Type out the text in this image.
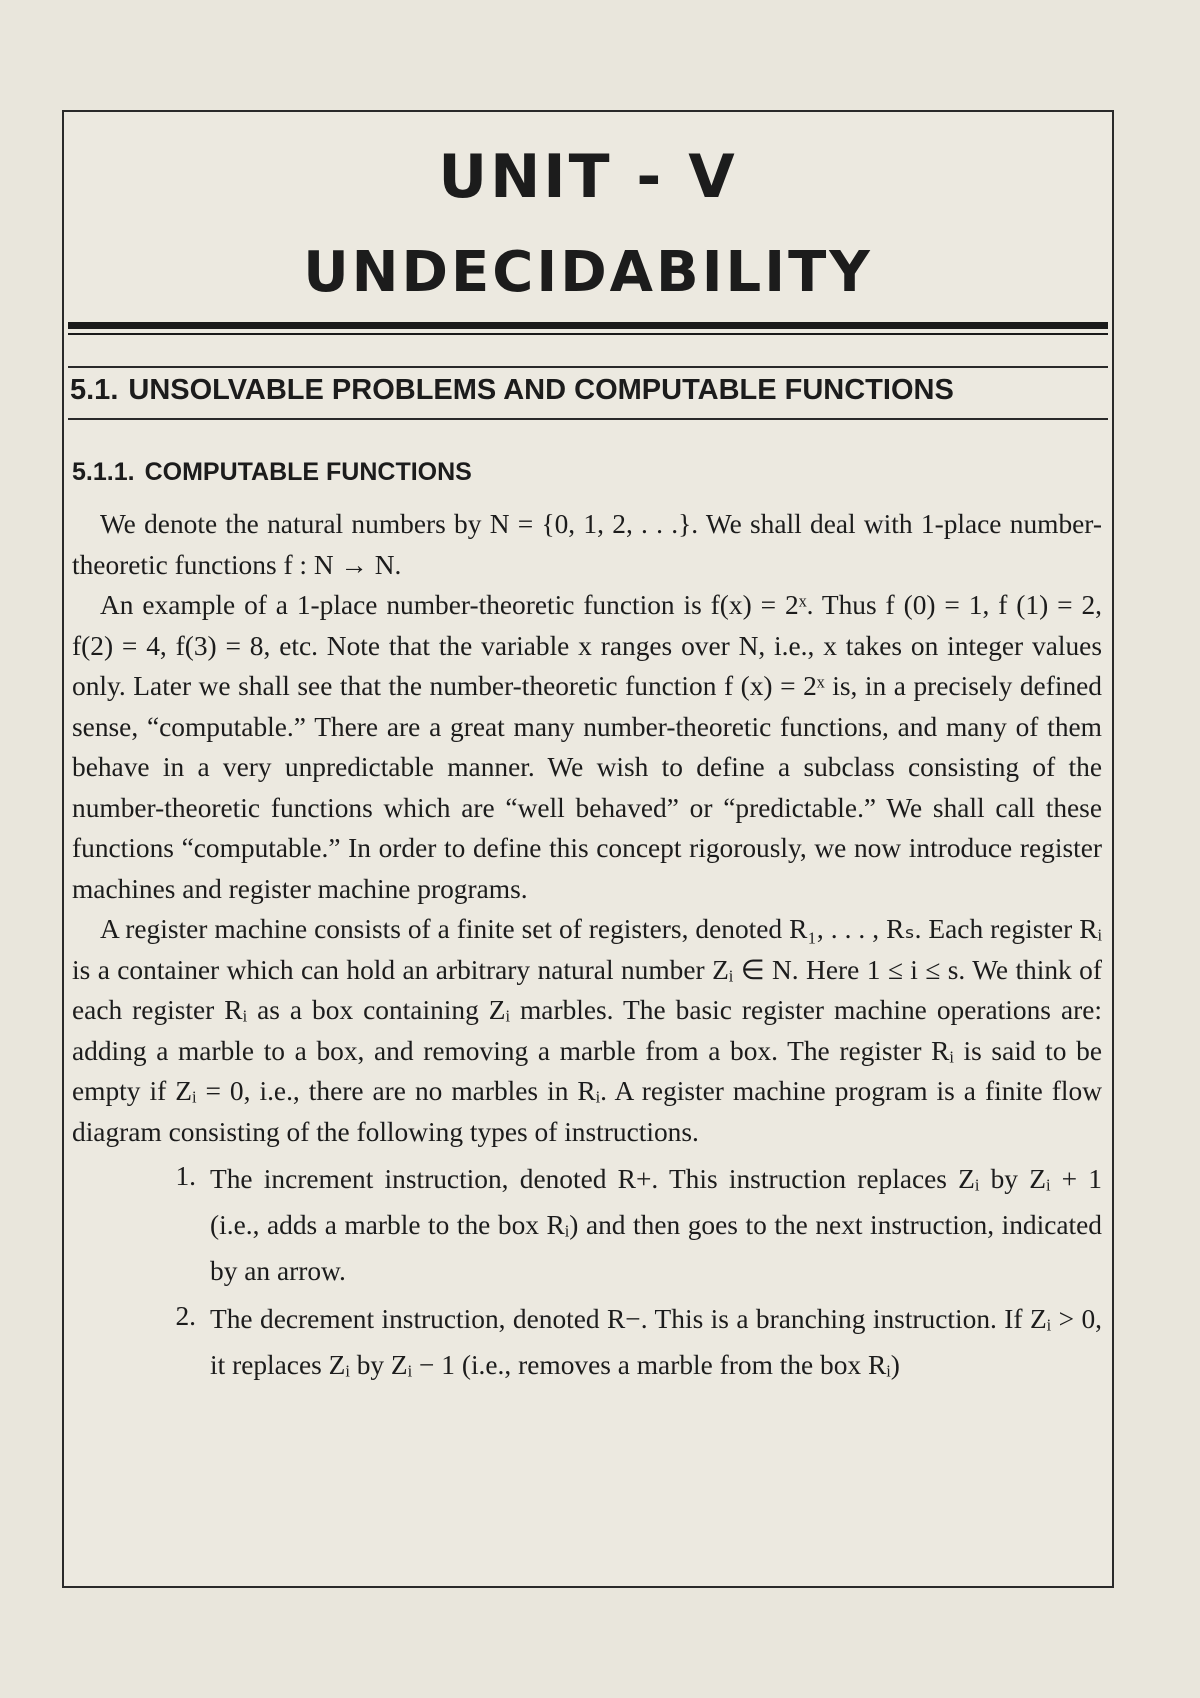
UNIT - V
UNDECIDABILITY
5.1. UNSOLVABLE PROBLEMS AND COMPUTABLE FUNCTIONS
5.1.1. COMPUTABLE FUNCTIONS

We denote the natural numbers by N = {0, 1, 2, . . .}. We shall deal with 1-place number-theoretic functions f : N → N.

An example of a 1-place number-theoretic function is f(x) = 2ˣ. Thus f (0) = 1, f (1) = 2, f(2) = 4, f(3) = 8, etc. Note that the variable x ranges over N, i.e., x takes on integer values only. Later we shall see that the number-theoretic function f (x) = 2ˣ is, in a precisely defined sense, “computable.” There are a great many number-theoretic functions, and many of them behave in a very unpredictable manner. We wish to define a subclass consisting of the number-theoretic functions which are “well behaved” or “predictable.” We shall call these functions “computable.” In order to define this concept rigorously, we now introduce register machines and register machine programs.

A register machine consists of a finite set of registers, denoted R₁, . . . , Rₛ. Each register Rᵢ is a container which can hold an arbitrary natural number Zᵢ ∈ N. Here 1 ≤ i ≤ s. We think of each register Rᵢ as a box containing Zᵢ marbles. The basic register machine operations are: adding a marble to a box, and removing a marble from a box. The register Rᵢ is said to be empty if Zᵢ = 0, i.e., there are no marbles in Rᵢ. A register machine program is a finite flow diagram consisting of the following types of instructions.

1. The increment instruction, denoted R+. This instruction replaces Zᵢ by Zᵢ + 1 (i.e., adds a marble to the box Rᵢ) and then goes to the next instruction, indicated by an arrow.
2. The decrement instruction, denoted R−. This is a branching instruction. If Zᵢ > 0, it replaces Zᵢ by Zᵢ − 1 (i.e., removes a marble from the box Rᵢ)
